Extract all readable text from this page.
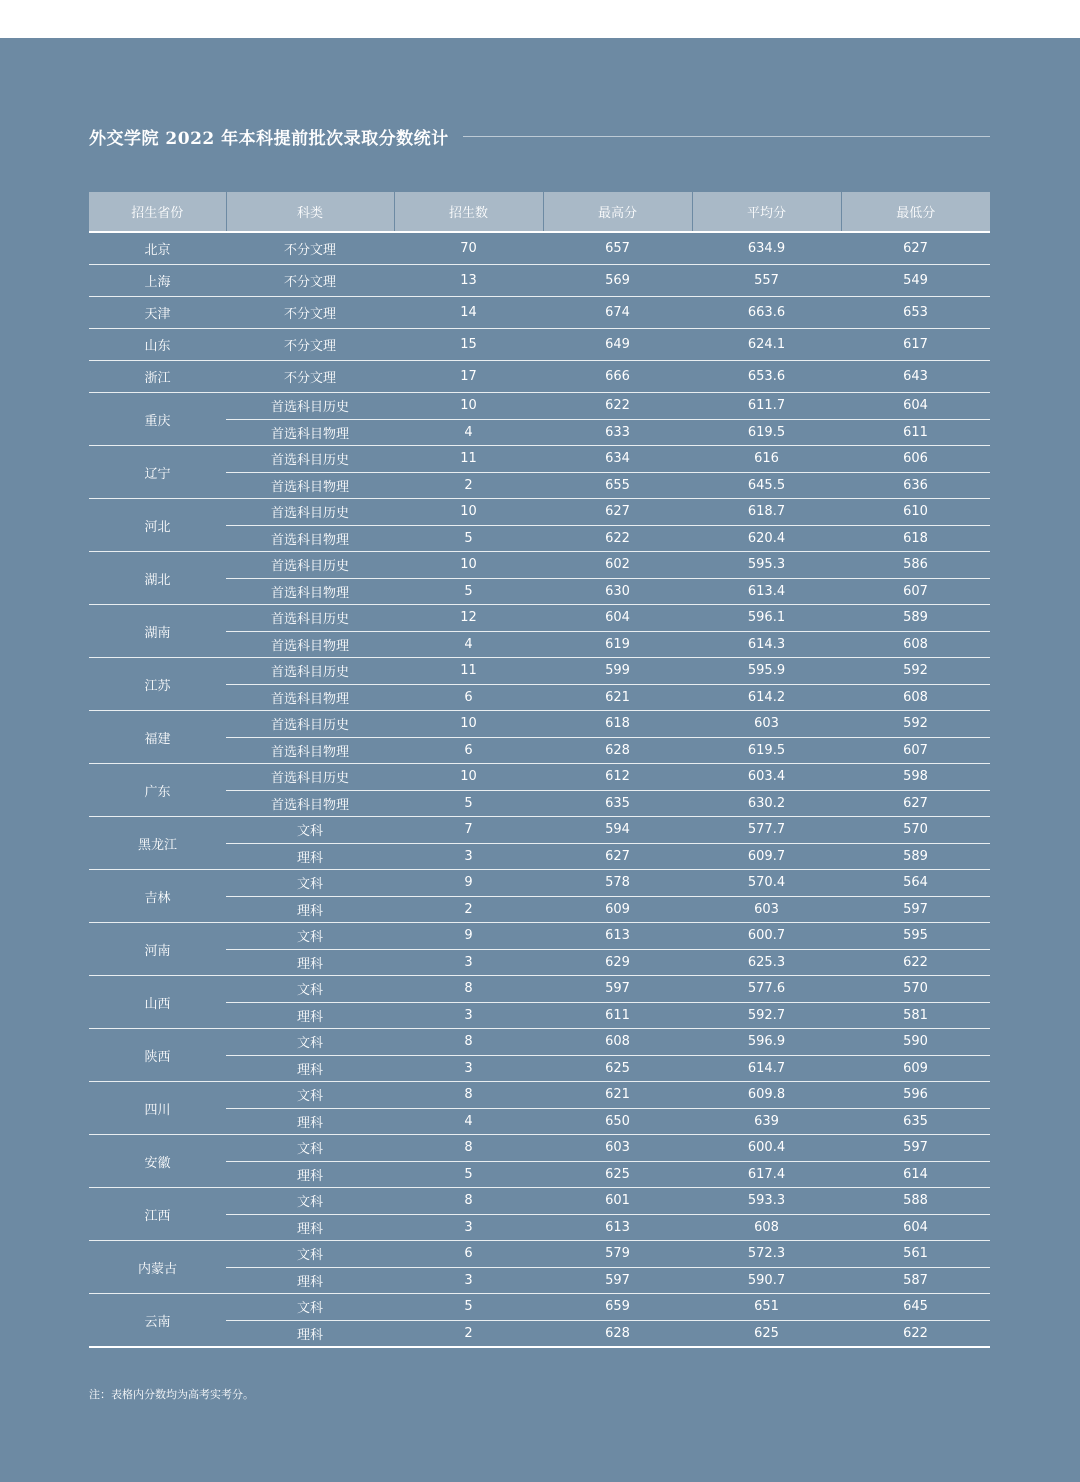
外交学院 2022 年本科提前批次录取分数统计
招生省份	科类	招生数	最高分	平均分	最低分
北京	不分文理	70	657	634.9	627
上海	不分文理	13	569	557	549
天津	不分文理	14	674	663.6	653
山东	不分文理	15	649	624.1	617
浙江	不分文理	17	666	653.6	643
重庆	首选科目历史	10	622	611.7	604
	首选科目物理	4	633	619.5	611
辽宁	首选科目历史	11	634	616	606
	首选科目物理	2	655	645.5	636
河北	首选科目历史	10	627	618.7	610
	首选科目物理	5	622	620.4	618
湖北	首选科目历史	10	602	595.3	586
	首选科目物理	5	630	613.4	607
湖南	首选科目历史	12	604	596.1	589
	首选科目物理	4	619	614.3	608
江苏	首选科目历史	11	599	595.9	592
	首选科目物理	6	621	614.2	608
福建	首选科目历史	10	618	603	592
	首选科目物理	6	628	619.5	607
广东	首选科目历史	10	612	603.4	598
	首选科目物理	5	635	630.2	627
黑龙江	文科	7	594	577.7	570
	理科	3	627	609.7	589
吉林	文科	9	578	570.4	564
	理科	2	609	603	597
河南	文科	9	613	600.7	595
	理科	3	629	625.3	622
山西	文科	8	597	577.6	570
	理科	3	611	592.7	581
陕西	文科	8	608	596.9	590
	理科	3	625	614.7	609
四川	文科	8	621	609.8	596
	理科	4	650	639	635
安徽	文科	8	603	600.4	597
	理科	5	625	617.4	614
江西	文科	8	601	593.3	588
	理科	3	613	608	604
内蒙古	文科	6	579	572.3	561
	理科	3	597	590.7	587
云南	文科	5	659	651	645
	理科	2	628	625	622
注：表格内分数均为高考实考分。
